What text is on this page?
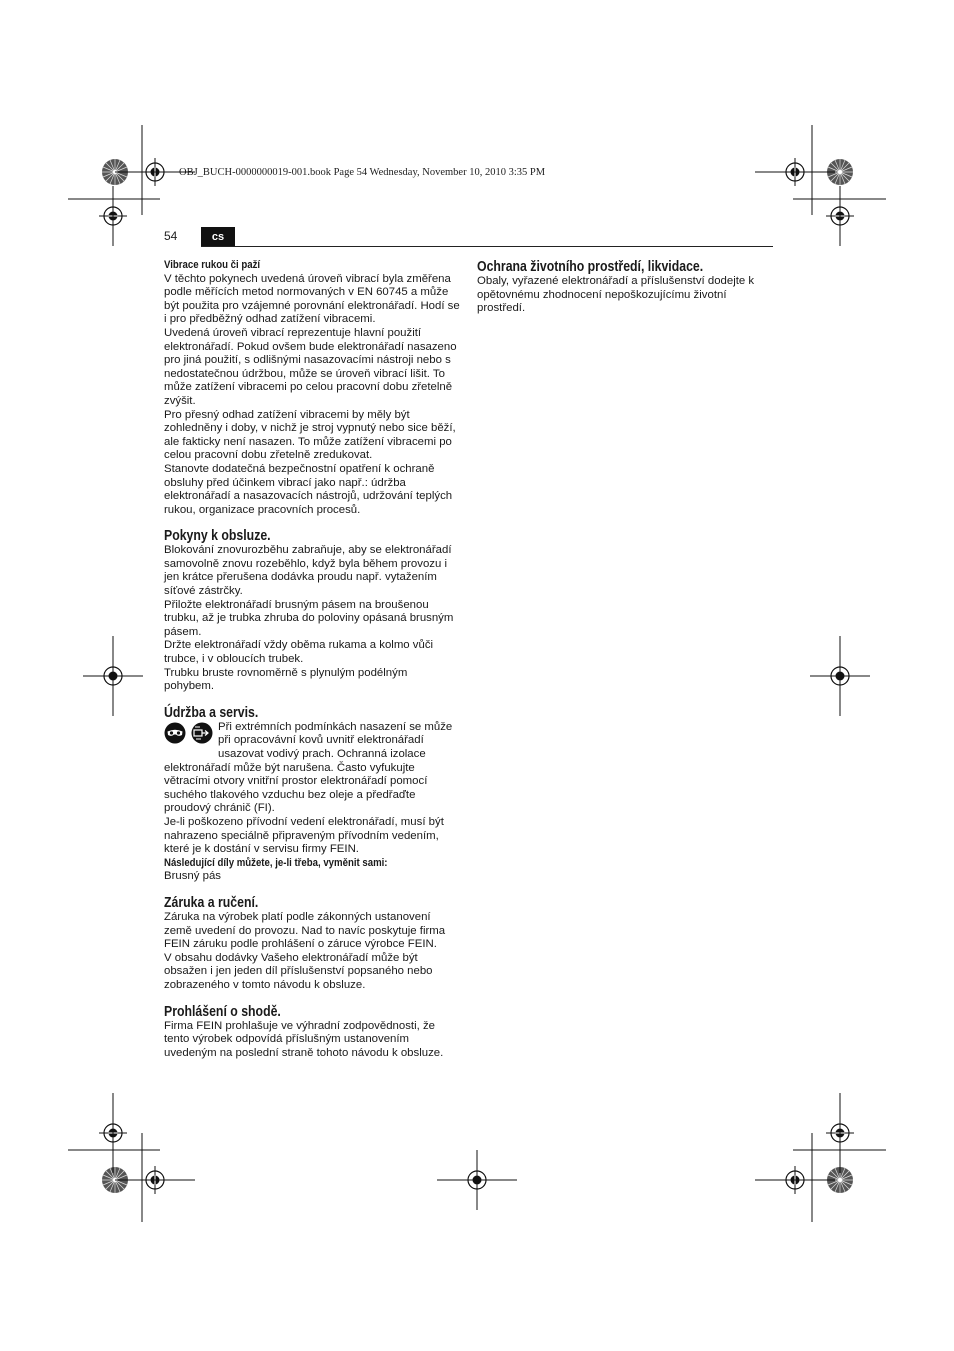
OBJ_BUCH-0000000019-001.book Page 54 Wednesday, November 10, 2010 3:35 PM
54	cs
Vibrace rukou či paží

V těchto pokynech uvedená úroveň vibrací byla změřena podle měřících metod normovaných v EN 60745 a může být použita pro vzájemné porovnání elektronářadí. Hodí se i pro předběžný odhad zatížení vibracemi.

Uvedená úroveň vibrací reprezentuje hlavní použití elektronářadí. Pokud ovšem bude elektronářadí nasazeno pro jiná použití, s odlišnými nasazovacími nástroji nebo s nedostatečnou údržbou, může se úroveň vibrací lišit. To může zatížení vibracemi po celou pracovní dobu zřetelně zvýšit.

Pro přesný odhad zatížení vibracemi by měly být zohledněny i doby, v nichž je stroj vypnutý nebo sice běží, ale fakticky není nasazen. To může zatížení vibracemi po celou pracovní dobu zřetelně zredukovat.

Stanovte dodatečná bezpečnostní opatření k ochraně obsluhy před účinkem vibrací jako např.: údržba elektronářadí a nasazovacích nástrojů, udržování teplých rukou, organizace pracovních procesů.

Pokyny k obsluze.

Blokování znovurozběhu zabraňuje, aby se elektronářadí samovolně znovu rozeběhlo, když byla během provozu i jen krátce přerušena dodávka proudu např. vytažením síťové zástrčky.

Přiložte elektronářadí brusným pásem na broušenou trubku, až je trubka zhruba do poloviny opásaná brusným pásem.

Držte elektronářadí vždy oběma rukama a kolmo vůči trubce, i v obloucích trubek.

Trubku bruste rovnoměrně s plynulým podélným pohybem.

Údržba a servis.

Při extrémních podmínkách nasazení se může při opracovávní kovů uvnitř elektronářadí usazovat vodivý prach. Ochranná izolace

elektronářadí může být narušena. Často vyfukujte větracími otvory vnitřní prostor elektronářadí pomocí suchého tlakového vzduchu bez oleje a předřaďte proudový chránič (FI).

Je-li poškozeno přívodní vedení elektronářadí, musí být nahrazeno speciálně připraveným přívodním vedením, které je k dostání v servisu firmy FEIN.

Následující díly můžete, je-li třeba, vyměnit sami:

Brusný pás

Záruka a ručení.

Záruka na výrobek platí podle zákonných ustanovení země uvedení do provozu. Nad to navíc poskytuje firma FEIN záruku podle prohlášení o záruce výrobce FEIN.

V obsahu dodávky Vašeho elektronářadí může být obsažen i jen jeden díl příslušenství popsaného nebo zobrazeného v tomto návodu k obsluze.

Prohlášení o shodě.

Firma FEIN prohlašuje ve výhradní zodpovědnosti, že tento výrobek odpovídá příslušným ustanovením uvedeným na poslední straně tohoto návodu k obsluze.

Ochrana životního prostředí, likvidace.

Obaly, vyřazené elektronářadí a příslušenství dodejte k opětovnému zhodnocení nepoškozujícímu životní prostředí.
